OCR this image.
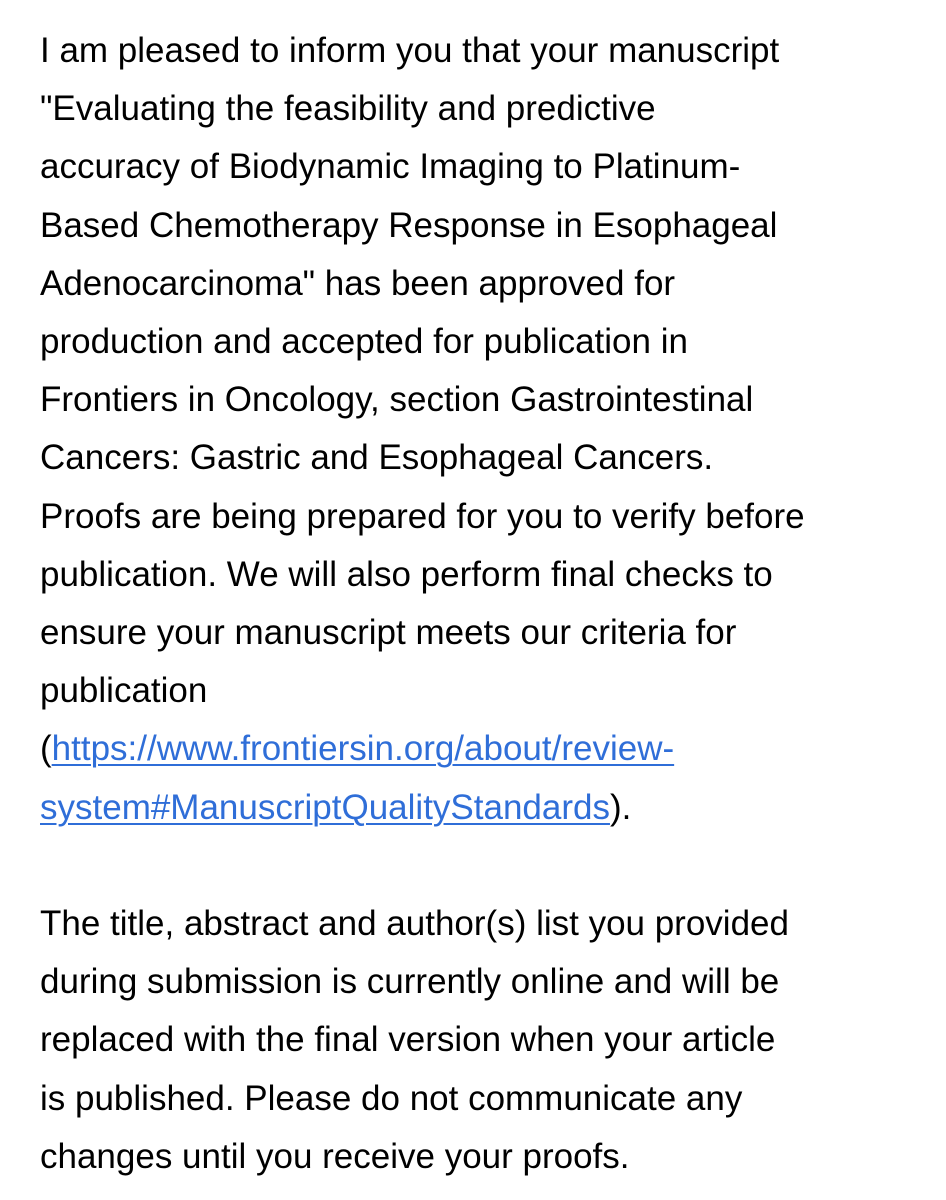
I am pleased to inform you that your manuscript
"Evaluating the feasibility and predictive
accuracy of Biodynamic Imaging to Platinum-
Based Chemotherapy Response in Esophageal
Adenocarcinoma" has been approved for
production and accepted for publication in
Frontiers in Oncology, section Gastrointestinal
Cancers: Gastric and Esophageal Cancers.
Proofs are being prepared for you to verify before
publication. We will also perform final checks to
ensure your manuscript meets our criteria for
publication
(https://www.frontiersin.org/about/review-
system#ManuscriptQualityStandards).
The title, abstract and author(s) list you provided
during submission is currently online and will be
replaced with the final version when your article
is published. Please do not communicate any
changes until you receive your proofs.
